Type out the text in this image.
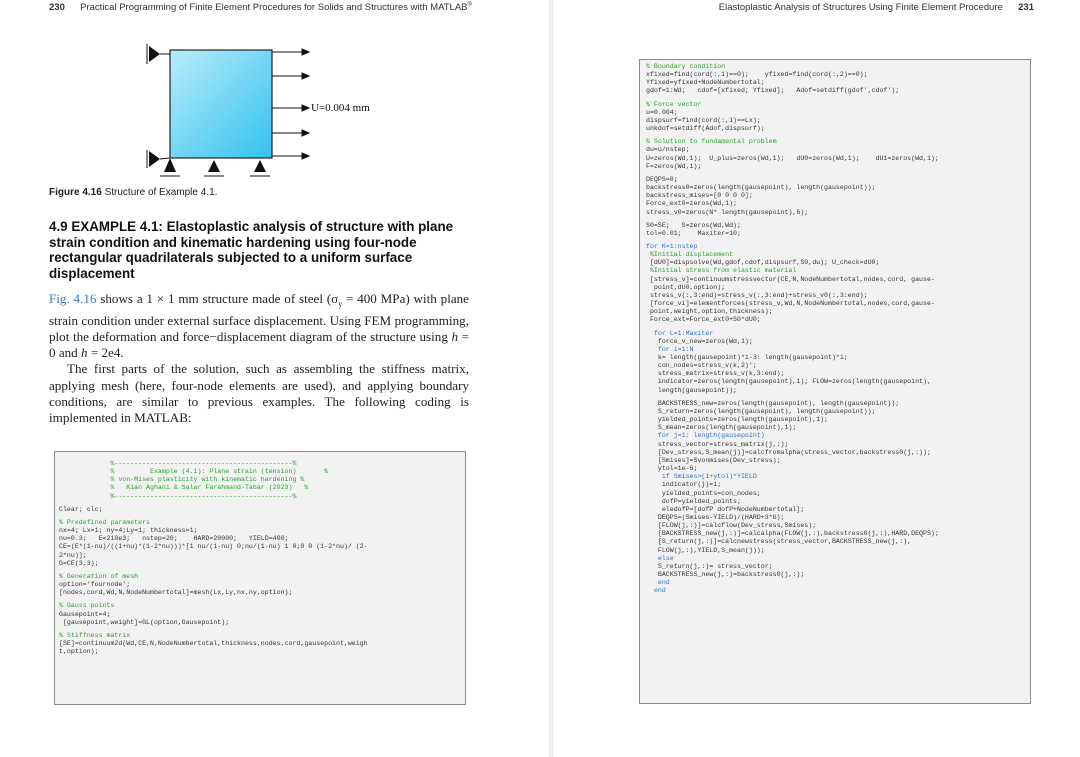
230 Practical Programming of Finite Element Procedures for Solids and Structures with MATLAB®
U=0.004 mm
Figure 4.16 Structure of Example 4.1.
4.9 EXAMPLE 4.1: Elastoplastic analysis of structure with plane strain condition and kinematic hardening using four-node rectangular quadrilaterals subjected to a uniform surface displacement

Fig. 4.16 shows a 1 × 1 mm structure made of steel ($\sigma_y = 400$ MPa) with plane strain condition under external surface displacement. Using FEM programming, plot the deformation and force−displacement diagram of the structure using h = 0 and h = 2e4.

The first parts of the solution, such as assembling the stiffness matrix, applying mesh (here, four-node elements are used), and applying boundary conditions, are similar to previous examples. The following coding is implemented in MATLAB:

%---------------------------------------------%
%         Example (4.1): Plane strain (tension)       %
% von-Mises plasticity with kinematic hardening %
%   Kian Aghani & Salar Farahmand-Tabar (2023)   %
%---------------------------------------------%
Clear; clc;
% Predefined parameters
nx=4; Lx=1; ny=4;Ly=1; thickness=1;
nu=0.3;   E=210e3;   nstep=20;    HARD=20000;   YIELD=400;
CE=(E*(1-nu)/((1+nu)*(1-2*nu)))*[1 nu/(1-nu) 0;nu/(1-nu) 1 0;0 0 (1-2*nu)/ (2-
2*nu)];
G=CE(3,3);
% Generation of mesh
option='fournode';
[nodes,cord,Wd,N,NodeNumbertotal]=mesh(Lx,Ly,nx,ny,option);
% Gauss points
Gausepoint=4;
[gausepoint,weight]=GL(option,Gausepoint);
% Stiffness matrix
[SE]=continuum2d(Wd,CE,N,NodeNumbertotal,thickness,nodes,cord,gausepoint,weigh
t,option);
Elastoplastic Analysis of Structures Using Finite Element Procedure 231
% Boundary condition
xfixed=find(cord(:,1)==0);    yfixed=find(cord(:,2)==0);
Yfixed=yfixed+NodeNumbertotal;
gdof=1:Wd;   cdof=[xfixed; Yfixed];   Adof=setdiff(gdof',cdof');
% Force vector
u=0.004;
dispsurf=find(cord(:,1)==Lx);
unkdof=setdiff(Adof,dispsurf);
% Solution to fundamental problem
du=u/nstep;
U=zeros(Wd,1);  U_plus=zeros(Wd,1);   dU0=zeros(Wd,1);    dU1=zeros(Wd,1);
F=zeros(Wd,1);
DEQPS=0;
backstress0=zeros(length(gausepoint), length(gausepoint));
backstress_mises=[0 0 0 0];
Force_ext0=zeros(Wd,1);
stress_v0=zeros(N* length(gausepoint),6);
S0=SE;   S=zeros(Wd,Wd);
tol=0.01;    Maxiter=10;
for K=1:nstep
%Initial displacement
[dU0]=dispsolve(Wd,gdof,cdof,dispsurf,S0,du); U_check=dU0;
%Initial stress from elastic material
[stress_v]=continuumstressvector(CE,N,NodeNumbertotal,nodes,cord, gause-
point,dU0,option);
stress_v(:,3:end)=stress_v(:,3:end)+stress_v0(:,3:end);
[force_vi]=elementforces(stress_v,Wd,N,NodeNumbertotal,nodes,cord,gause-
point,weight,option,thickness);
Force_ext=Force_ext0+S0*dU0;
for L=1:Maxiter
force_v_new=zeros(Wd,1);
for i=1:N
k= length(gausepoint)*i-3: length(gausepoint)*i;
con_nodes=stress_v(k,2)';
stress_matrix=stress_v(k,3:end);
indicator=zeros(length(gausepoint),1); FLOW=zeros(length(gausepoint),
length(gausepoint));
BACKSTRESS_new=zeros(length(gausepoint), length(gausepoint));
S_return=zeros(length(gausepoint), length(gausepoint));
yielded_points=zeros(length(gausepoint),1);
S_mean=zeros(length(gausepoint),1);
for j=1: length(gausepoint)
stress_vector=stress_matrix(j,:);
[Dev_stress,S_mean(j)]=calcfromalpha(stress_vector,backstress0(j,:));
[Smises]=Svonmises(Dev_stress);
ytol=1e-6;
if Smises>(1+ytol)*YIELD
indicator(j)=1;
yielded_points=con_nodes;
dofP=yielded_points;
eledofP=[dofP dofP+NodeNumbertotal];
DEQPS=(Smises-YIELD)/(HARD+3*G);
[FLOW(j,:)]=calcflow(Dev_stress,Smises);
[BACKSTRESS_new(j,:)]=calcalpha(FLOW(j,:),backstress0(j,:),HARD,DEQPS);
[S_return(j,:)]=calcnewstress(stress_vector,BACKSTRESS_new(j,:),
FLOW(j,:),YIELD,S_mean(j));
else
S_return(j,:)= stress_vector;
BACKSTRESS_new(j,:)=backstress0(j,:);
end
end
